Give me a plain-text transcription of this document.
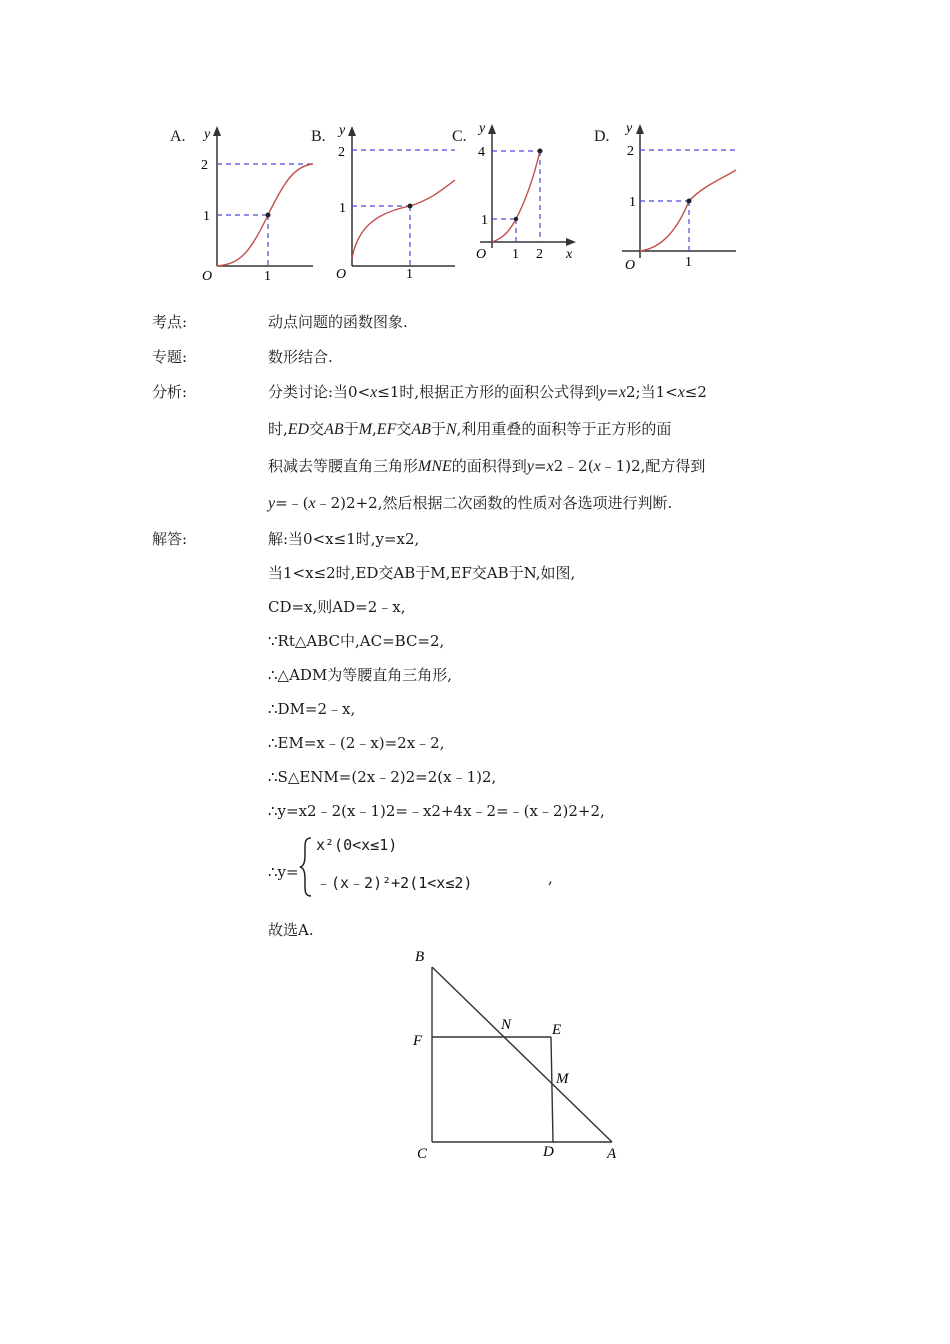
A. y
2
1
O	1
B. y
2
1
O	1
C. y
4
1
O 1 2 x
D. y
2
1
O	1
考点:	动点问题的函数图象.
专题:	数形结合.
分析:	分类讨论:当0<x≤1时,根据正方形的面积公式得到y=x2;当1<x≤2
时,ED交AB于M,EF交AB于N,利用重叠的面积等于正方形的面
积减去等腰直角三角形MNE的面积得到y=x2﹣2(x﹣1)2,配方得到
y=﹣(x﹣2)2+2,然后根据二次函数的性质对各选项进行判断.
解答:	解:当0<x≤1时,y=x2,
当1<x≤2时,ED交AB于M,EF交AB于N,如图,
CD=x,则AD=2﹣x,
∵Rt△ABC中,AC=BC=2,
∴△ADM为等腰直角三角形,
∴DM=2﹣x,
∴EM=x﹣(2﹣x)=2x﹣2,
∴S△ENM=(2x﹣2)2=2(x﹣1)2,
∴y=x2﹣2(x﹣1)2=﹣x2+4x﹣2=﹣(x﹣2)2+2,
∴y=
x²(0<x≤1)
﹣(x﹣2)²+2(1<x≤2)	,
故选A.
B
F
N	E
M
C	D	A
